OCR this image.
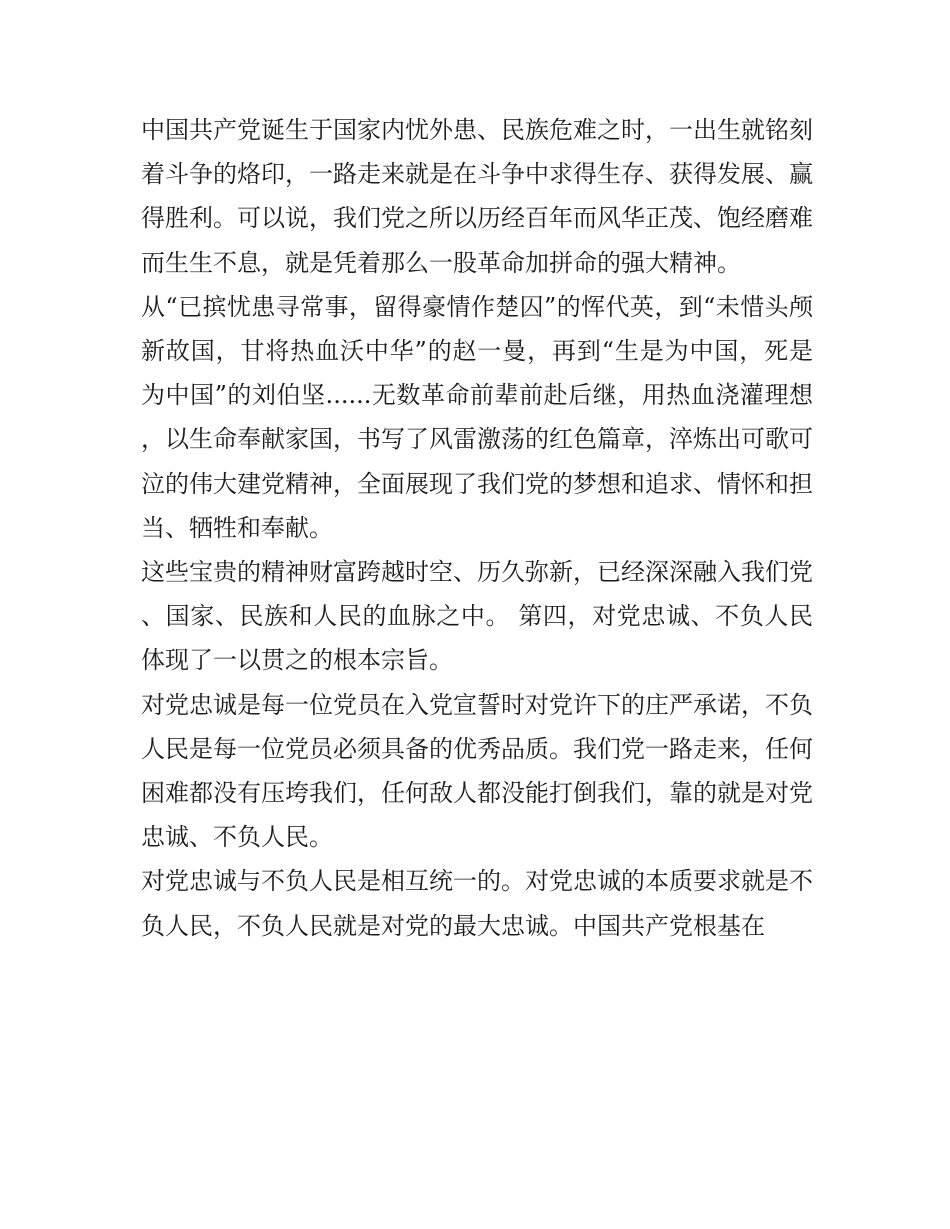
中国共产党诞生于国家内忧外患、民族危难之时，一出生就铭刻着斗争的烙印，一路走来就是在斗争中求得生存、获得发展、赢得胜利。可以说，我们党之所以历经百年而风华正茂、饱经磨难而生生不息，就是凭着那么一股革命加拼命的强大精神。

从“已摈忧患寻常事，留得豪情作楚囚”的恽代英，到“未惜头颅新故国，甘将热血沃中华”的赵一曼，再到“生是为中国，死是为中国”的刘伯坚......无数革命前辈前赴后继，用热血浇灌理想，以生命奉献家国，书写了风雷激荡的红色篇章，淬炼出可歌可泣的伟大建党精神，全面展现了我们党的梦想和追求、情怀和担当、牺牲和奉献。

这些宝贵的精神财富跨越时空、历久弥新，已经深深融入我们党、国家、民族和人民的血脉之中。 第四，对党忠诚、不负人民体现了一以贯之的根本宗旨。

对党忠诚是每一位党员在入党宣誓时对党许下的庄严承诺，不负人民是每一位党员必须具备的优秀品质。我们党一路走来，任何困难都没有压垮我们，任何敌人都没能打倒我们，靠的就是对党忠诚、不负人民。

对党忠诚与不负人民是相互统一的。对党忠诚的本质要求就是不负人民，不负人民就是对党的最大忠诚。中国共产党根基在
